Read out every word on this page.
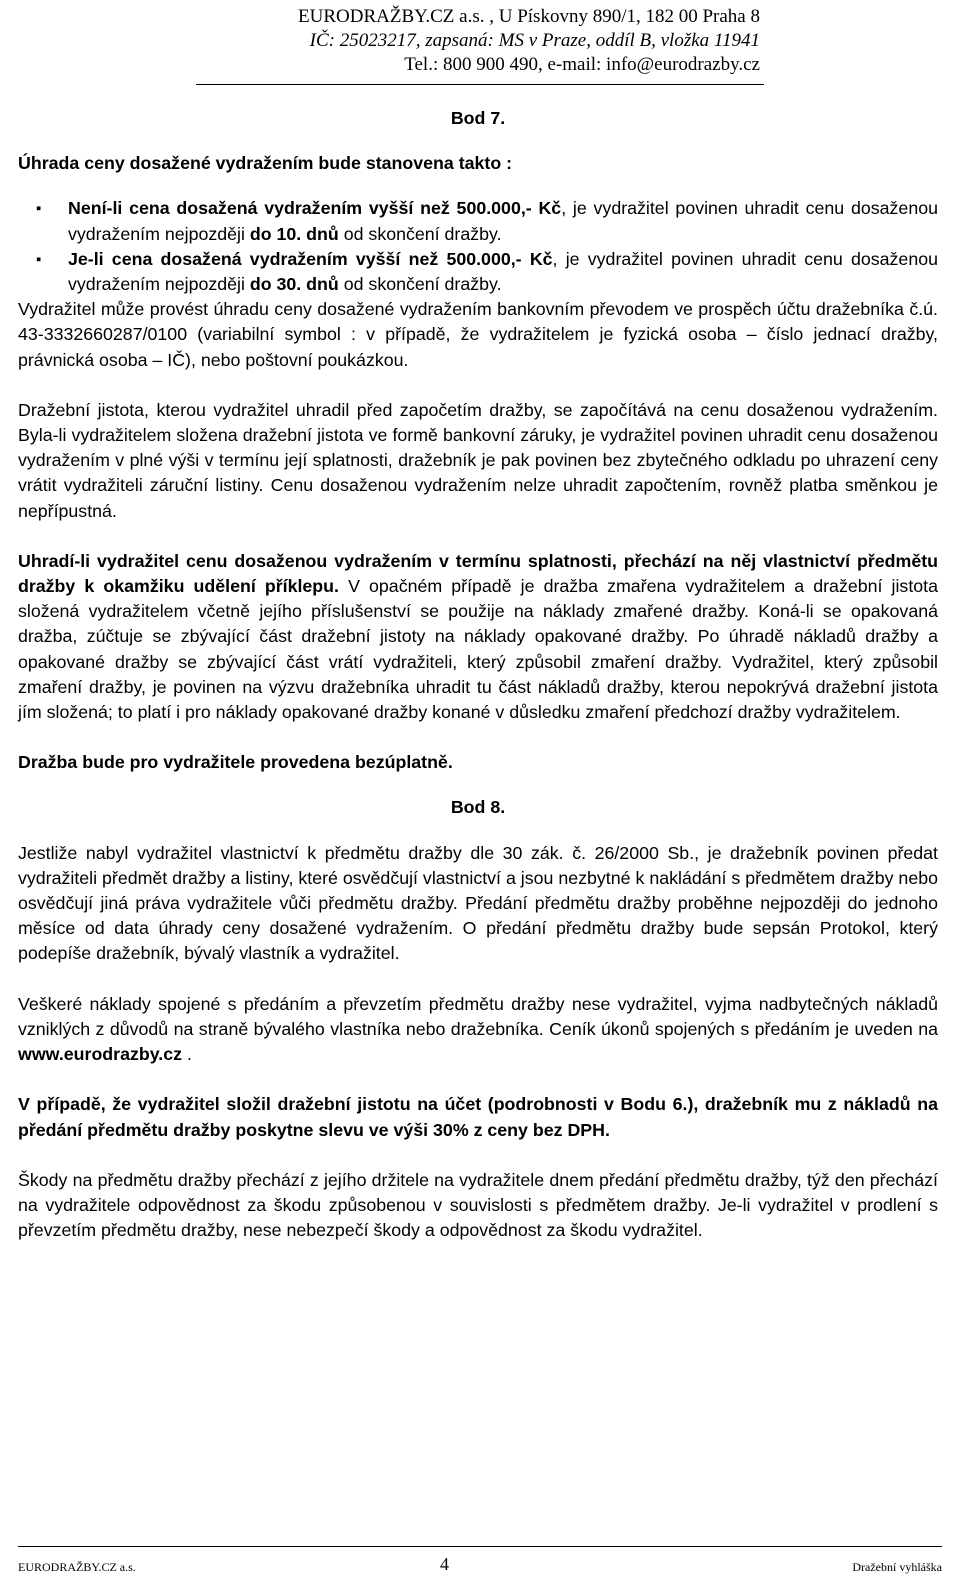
EURODRAŽBY.CZ a.s. , U Pískovny 890/1, 182 00 Praha 8
IČ: 25023217, zapsaná: MS v Praze, oddíl B, vložka 11941
Tel.: 800 900 490, e-mail: info@eurodrazby.cz

Bod 7.

Úhrada ceny dosažené vydražením bude stanovena takto :

▪ Není-li cena dosažená vydražením vyšší než 500.000,- Kč, je vydražitel povinen uhradit cenu dosaženou vydražením nejpozději do 10. dnů od skončení dražby.
▪ Je-li cena dosažená vydražením vyšší než 500.000,- Kč, je vydražitel povinen uhradit cenu dosaženou vydražením nejpozději do 30. dnů od skončení dražby.

Vydražitel může provést úhradu ceny dosažené vydražením bankovním převodem ve prospěch účtu dražebníka č.ú. 43-3332660287/0100 (variabilní symbol : v případě, že vydražitelem je fyzická osoba – číslo jednací dražby, právnická osoba – IČ), nebo poštovní poukázkou.

Dražební jistota, kterou vydražitel uhradil před započetím dražby, se započítává na cenu dosaženou vydražením. Byla-li vydražitelem složena dražební jistota ve formě bankovní záruky, je vydražitel povinen uhradit cenu dosaženou vydražením v plné výši v termínu její splatnosti, dražebník je pak povinen bez zbytečného odkladu po uhrazení ceny vrátit vydražiteli záruční listiny. Cenu dosaženou vydražením nelze uhradit započtením, rovněž platba směnkou je nepřípustná.

Uhradí-li vydražitel cenu dosaženou vydražením v termínu splatnosti, přechází na něj vlastnictví předmětu dražby k okamžiku udělení příklepu. V opačném případě je dražba zmařena vydražitelem a dražební jistota složená vydražitelem včetně jejího příslušenství se použije na náklady zmařené dražby. Koná-li se opakovaná dražba, zúčtuje se zbývající část dražební jistoty na náklady opakované dražby. Po úhradě nákladů dražby a opakované dražby se zbývající část vrátí vydražiteli, který způsobil zmaření dražby. Vydražitel, který způsobil zmaření dražby, je povinen na výzvu dražebníka uhradit tu část nákladů dražby, kterou nepokrývá dražební jistota jím složená; to platí i pro náklady opakované dražby konané v důsledku zmaření předchozí dražby vydražitelem.

Dražba bude pro vydražitele provedena bezúplatně.

Bod 8.

Jestliže nabyl vydražitel vlastnictví k předmětu dražby dle 30 zák. č. 26/2000 Sb., je dražebník povinen předat vydražiteli předmět dražby a listiny, které osvědčují vlastnictví a jsou nezbytné k nakládání s předmětem dražby nebo osvědčují jiná práva vydražitele vůči předmětu dražby. Předání předmětu dražby proběhne nejpozději do jednoho měsíce od data úhrady ceny dosažené vydražením. O předání předmětu dražby bude sepsán Protokol, který podepíše dražebník, bývalý vlastník a vydražitel.

Veškeré náklady spojené s předáním a převzetím předmětu dražby nese vydražitel, vyjma nadbytečných nákladů vzniklých z důvodů na straně bývalého vlastníka nebo dražebníka. Ceník úkonů spojených s předáním je uveden na www.eurodrazby.cz .

V případě, že vydražitel složil dražební jistotu na účet (podrobnosti v Bodu 6.), dražebník mu z nákladů na předání předmětu dražby poskytne slevu ve výši 30% z ceny bez DPH.

Škody na předmětu dražby přechází z jejího držitele na vydražitele dnem předání předmětu dražby, týž den přechází na vydražitele odpovědnost za škodu způsobenou v souvislosti s předmětem dražby. Je-li vydražitel v prodlení s převzetím předmětu dražby, nese nebezpečí škody a odpovědnost za škodu vydražitel.

EURODRAŽBY.CZ a.s.	4	Dražební vyhláška
